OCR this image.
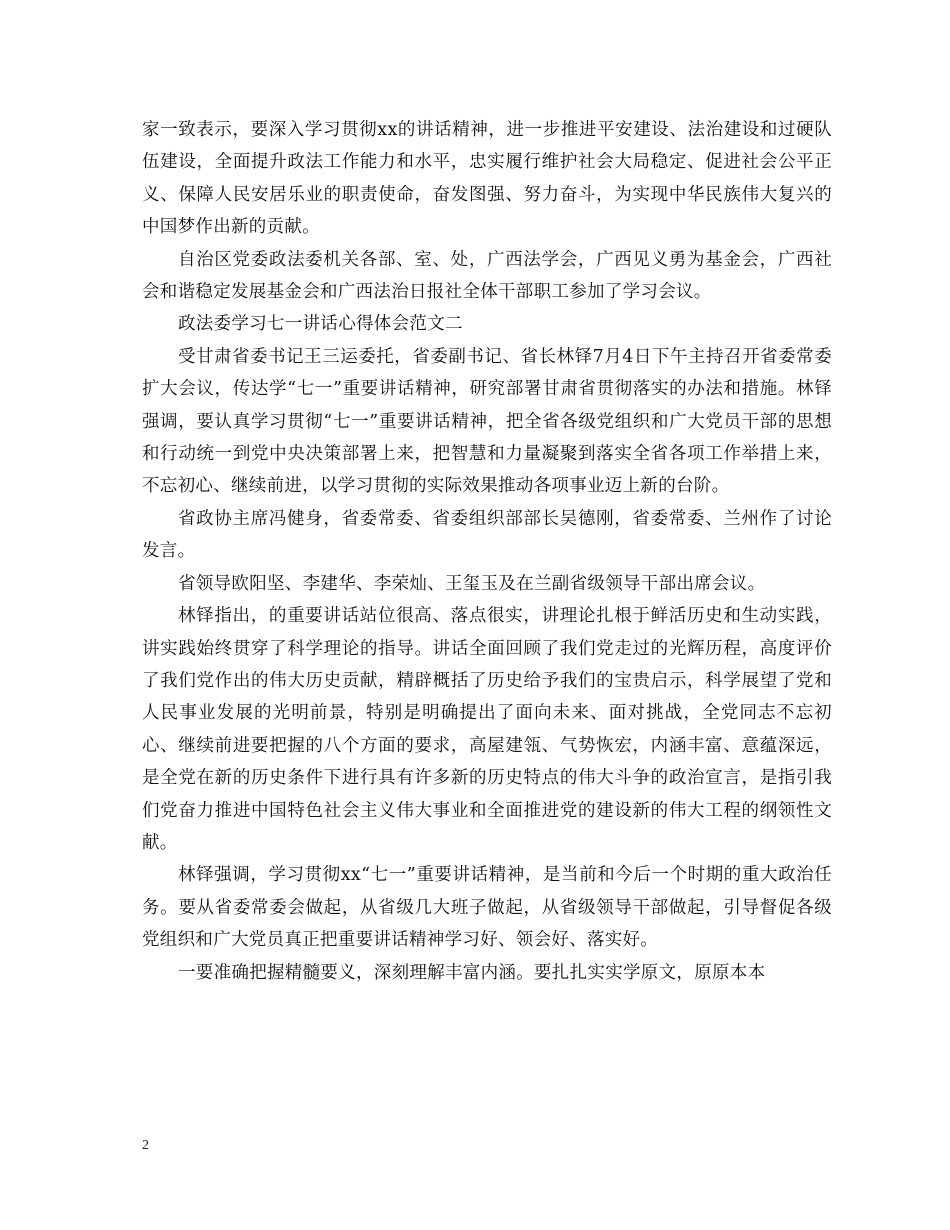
家一致表示，要深入学习贯彻xx的讲话精神，进一步推进平安建设、法治建设和过硬队伍建设，全面提升政法工作能力和水平，忠实履行维护社会大局稳定、促进社会公平正义、保障人民安居乐业的职责使命，奋发图强、努力奋斗，为实现中华民族伟大复兴的中国梦作出新的贡献。

自治区党委政法委机关各部、室、处，广西法学会，广西见义勇为基金会，广西社会和谐稳定发展基金会和广西法治日报社全体干部职工参加了学习会议。

政法委学习七一讲话心得体会范文二

受甘肃省委书记王三运委托，省委副书记、省长林铎7月4日下午主持召开省委常委扩大会议，传达学“七一”重要讲话精神，研究部署甘肃省贯彻落实的办法和措施。林铎强调，要认真学习贯彻“七一”重要讲话精神，把全省各级党组织和广大党员干部的思想和行动统一到党中央决策部署上来，把智慧和力量凝聚到落实全省各项工作举措上来，不忘初心、继续前进，以学习贯彻的实际效果推动各项事业迈上新的台阶。

省政协主席冯健身，省委常委、省委组织部部长吴德刚，省委常委、兰州作了讨论发言。

省领导欧阳坚、李建华、李荣灿、王玺玉及在兰副省级领导干部出席会议。

林铎指出，的重要讲话站位很高、落点很实，讲理论扎根于鲜活历史和生动实践，讲实践始终贯穿了科学理论的指导。讲话全面回顾了我们党走过的光辉历程，高度评价了我们党作出的伟大历史贡献，精辟概括了历史给予我们的宝贵启示，科学展望了党和人民事业发展的光明前景，特别是明确提出了面向未来、面对挑战，全党同志不忘初心、继续前进要把握的八个方面的要求，高屋建瓴、气势恢宏，内涵丰富、意蕴深远，是全党在新的历史条件下进行具有许多新的历史特点的伟大斗争的政治宣言，是指引我们党奋力推进中国特色社会主义伟大事业和全面推进党的建设新的伟大工程的纲领性文献。

林铎强调，学习贯彻xx“七一”重要讲话精神，是当前和今后一个时期的重大政治任务。要从省委常委会做起，从省级几大班子做起，从省级领导干部做起，引导督促各级党组织和广大党员真正把重要讲话精神学习好、领会好、落实好。

一要准确把握精髓要义，深刻理解丰富内涵。要扎扎实实学原文，原原本本

2
